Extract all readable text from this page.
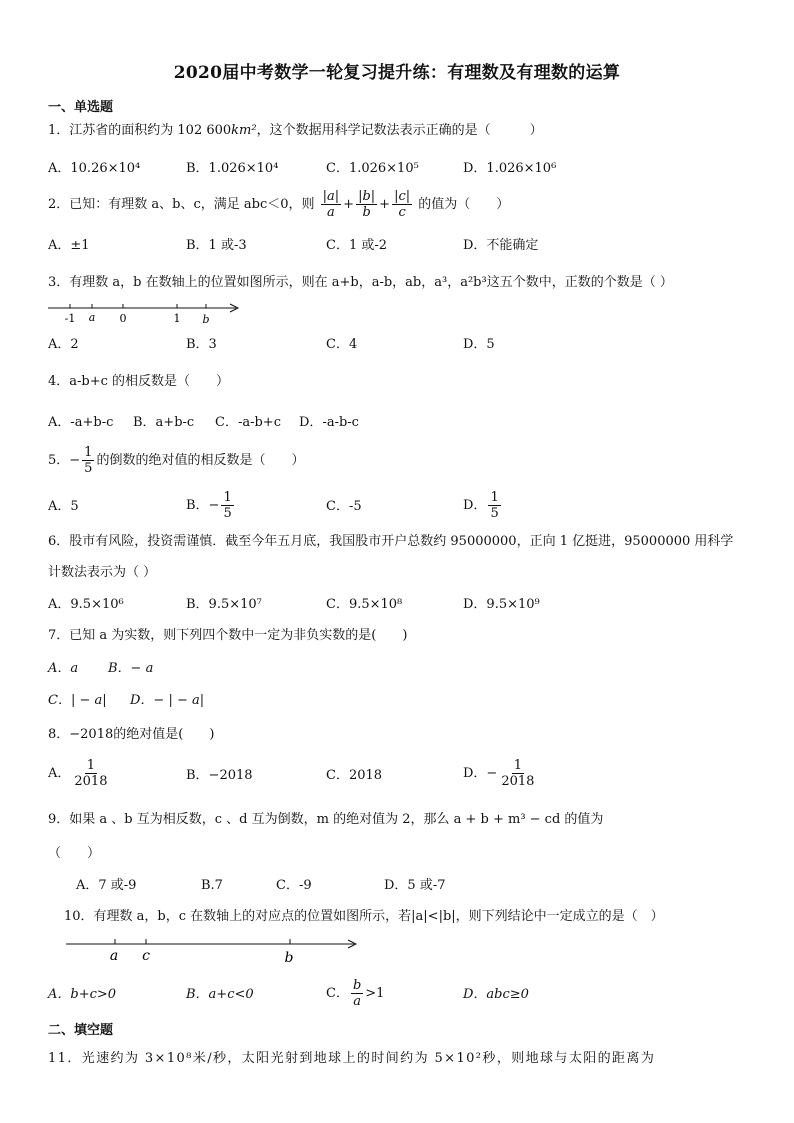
2020届中考数学一轮复习提升练：有理数及有理数的运算
一、单选题
1．江苏省的面积约为 102 600km²，这个数据用科学记数法表示正确的是（　　　）
A．10.26×10⁴	B．1.026×10⁴	C．1.026×10⁵	D．1.026×10⁶
2．已知：有理数 a、b、c，满足 abc＜0，则 $\frac{|a|}{a} + \frac{|b|}{b} + \frac{|c|}{c}$ 的值为（　　）
A．±1	B．1 或-3	C．1 或-2	D．不能确定
3．有理数 a，b 在数轴上的位置如图所示，则在 a+b，a-b，ab，a³，a²b³这五个数中，正数的个数是（ ）
-1 a 0	1 b
A．2	B．3	C．4	D．5
4．a-b+c 的相反数是（　　）
A．-a+b-c B．a+b-c C．-a-b+c D．-a-b-c
5．− $\frac{1}{5}$ 的倒数的绝对值的相反数是（　　）
A．5	B．− $\frac{1}{5}$	C．-5	D． $\frac{1}{5}$
6．股市有风险，投资需谨慎．截至今年五月底，我国股市开户总数约 95000000，正向 1 亿挺进，95000000 用科学
计数法表示为（ ）
A．9.5×10⁶	B．9.5×10⁷	C．9.5×10⁸	D．9.5×10⁹
7．已知 a 为实数，则下列四个数中一定为非负实数的是(　　)
A．a B．− a
C．| − a| D．− | − a|
8．−2018的绝对值是(　　)
A． $\frac{1}{2018}$	B．−2018	C．2018	D．− $\frac{1}{2018}$
9．如果 a 、b 互为相反数，c 、d 互为倒数，m 的绝对值为 2，那么 a + b + m³ − cd 的值为
（　　）
A．7 或-9	B.7	C．-9	D．5 或-7
10．有理数 a，b，c 在数轴上的对应点的位置如图所示，若|a|<|b|，则下列结论中一定成立的是（　）
a c	b
A．b+c>0	B．a+c<0	C． $\frac{b}{a} >1$	D．abc≥0
二、填空题
11．光速约为 3×10⁸米/秒，太阳光射到地球上的时间约为 5×10²秒，则地球与太阳的距离为
